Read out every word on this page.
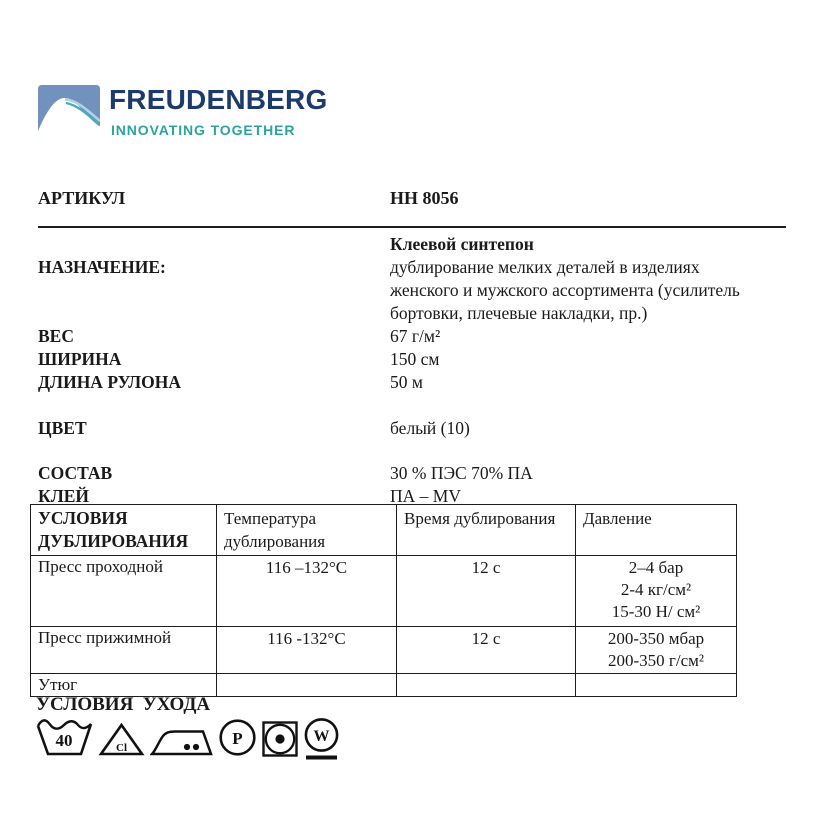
FREUDENBERG
INNOVATING TOGETHER
АРТИКУЛ	НН 8056
Клеевой синтепон
НАЗНАЧЕНИЕ:	дублирование мелких деталей в изделиях
женского и мужского ассортимента (усилитель
бортовки, плечевые накладки, пр.)
ВЕС	67 г/м²
ШИРИНА	150 см
ДЛИНА РУЛОНА	50 м
ЦВЕТ	белый (10)
СОСТАВ	30 % ПЭС 70% ПА
КЛЕЙ	ПА – MV
УСЛОВИЯ ДУБЛИРОВАНИЯ	Температура дублирования	Время дублирования	Давление
Пресс проходной	116 –132°C	12 с	2–4 бар
2-4 кг/см²
15-30 Н/ см²

Пресс прижимной	116 -132°C	12 с	200-350 мбар
200-350 г/см²

Утюг			
УСЛОВИЯ  УХОДА
40	Cl	P	W
